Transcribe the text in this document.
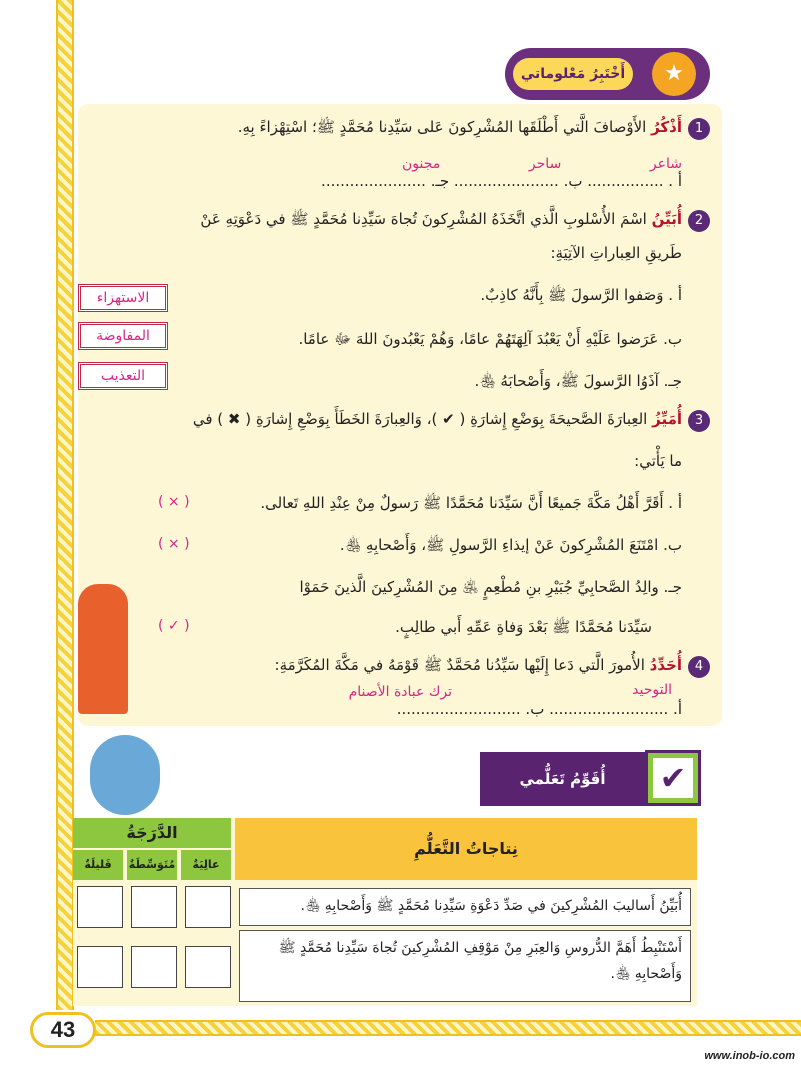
43
www.inob-io.com
أَخْتَبِرُ مَعْلوماتي	★
1أَذْكُرُ الأَوْصافَ الَّتي أَطْلَقَها المُشْرِكونَ عَلى سَيِّدِنا مُحَمَّدٍ ﷺ؛ اسْتِهْزاءً بِهِ.
شاعر
ساحر
مجنون
أ . ................ ب. ...................... جـ. ......................
2أُبَيِّنُ اسْمَ الأُسْلوبِ الَّذي اتَّخَذَهُ المُشْرِكونَ تُجاهَ سَيِّدِنا مُحَمَّدٍ ﷺ في دَعْوَتِهِ عَنْ
طَريقِ العِباراتِ الآتِيَةِ:
أ . وَصَفوا الرَّسولَ ﷺ بِأَنَّهُ كاذِبٌ.
ب. عَرَضوا عَلَيْهِ أَنْ يَعْبُدَ آلِهَتَهُمْ عامًا، وَهُمْ يَعْبُدونَ اللهَ ﷻ عامًا.
جـ. آذَوُا الرَّسولَ ﷺ، وَأَصْحابَهُ ﵃.
الاستهزاء
المفاوضة
التعذيب
3أُمَيِّزُ العِبارَةَ الصَّحيحَةَ بِوَضْعِ إِشارَةِ ( ✔ )، وَالعِبارَةَ الخَطَأَ بِوَضْعِ إِشارَةِ ( ✖ ) في
ما يَأْتي:
أ . أَقَرَّ أَهْلُ مَكَّةَ جَميعًا أَنَّ سَيِّدَنا مُحَمَّدًا ﷺ رَسولٌ مِنْ عِنْدِ اللهِ تَعالى.
( × )
ب. امْتَنَعَ المُشْرِكونَ عَنْ إيذاءِ الرَّسولِ ﷺ، وَأَصْحابِهِ ﵃.
( × )
جـ. والِدُ الصَّحابِيِّ جُبَيْرِ بنِ مُطْعِمٍ ﵁ مِنَ المُشْرِكينَ الَّذينَ حَمَوْا
سَيِّدَنا مُحَمَّدًا ﷺ بَعْدَ وَفاةِ عَمِّهِ أَبي طالِبٍ.
( ✓ )
4أُحَدِّدُ الأُمورَ الَّتي دَعا إِلَيْها سَيِّدُنا مُحَمَّدٌ ﷺ قَوْمَهُ في مَكَّةَ المُكَرَّمَةِ:
التوحيد
ترك عبادة الأصنام
أ. ......................... ب. ..........................
أُقَوِّمُ تَعَلُّمي	✔
نِتاجاتُ التَّعَلُّمِ
الدَّرَجَةُ
عالِيَةٌ
مُتَوَسِّطَةٌ
قَليلَةٌ
أُبَيِّنُ أَساليبَ المُشْرِكينَ في صَدِّ دَعْوَةِ سَيِّدِنا مُحَمَّدٍ ﷺ وَأَصْحابِهِ ﵃.
أَسْتَنْبِطُ أَهَمَّ الدُّروسِ وَالعِبَرِ مِنْ مَوْقِفِ المُشْرِكينَ تُجاهَ سَيِّدِنا مُحَمَّدٍ ﷺ وَأَصْحابِهِ ﵃.
